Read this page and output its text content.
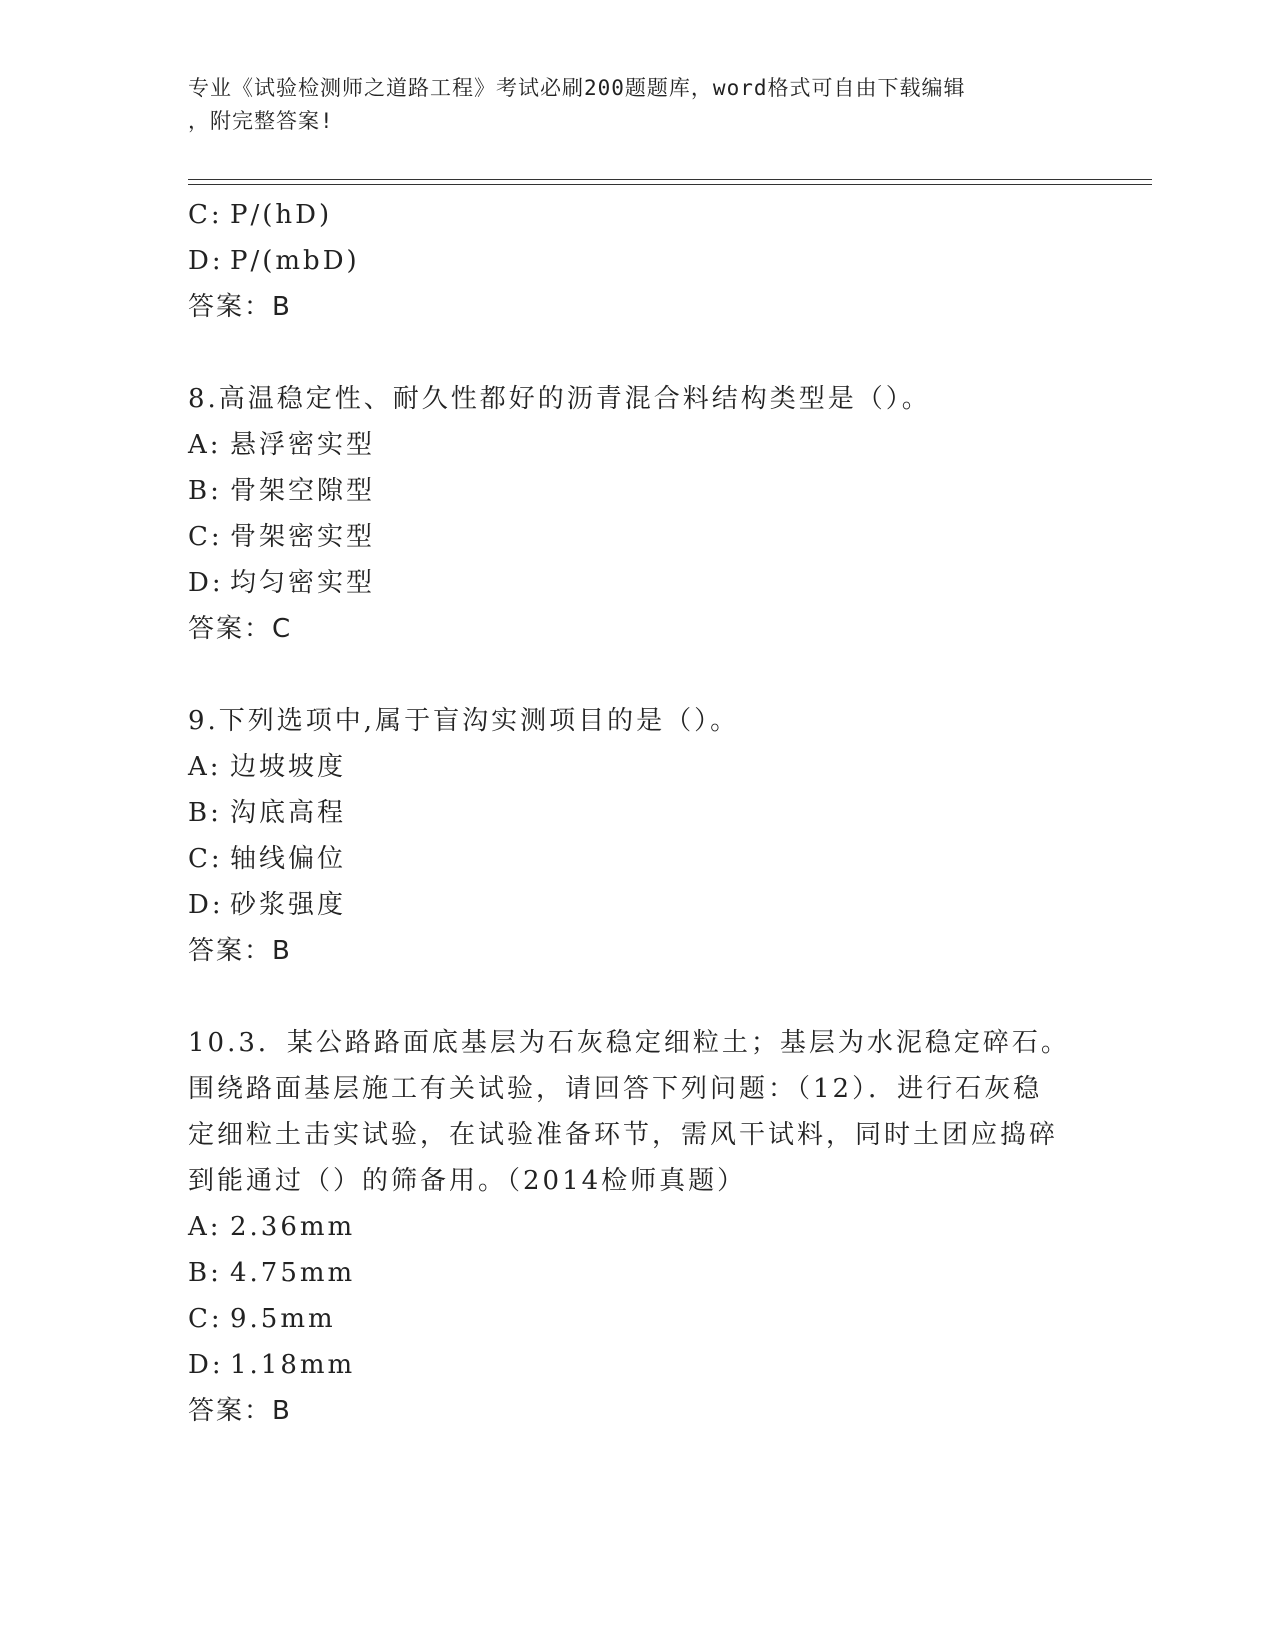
专业《试验检测师之道路工程》考试必刷200题题库，word格式可自由下载编辑
，附完整答案!
C: P/(hD)
D: P/(mbD)
答案：B
8.高温稳定性、耐久性都好的沥青混合料结构类型是（）。
A: 悬浮密实型
B: 骨架空隙型
C: 骨架密实型
D: 均匀密实型
答案：C
9.下列选项中,属于盲沟实测项目的是（）。
A: 边坡坡度
B: 沟底高程
C: 轴线偏位
D: 砂浆强度
答案：B
10.3．某公路路面底基层为石灰稳定细粒土；基层为水泥稳定碎石。
围绕路面基层施工有关试验，请回答下列问题：（12）．进行石灰稳
定细粒土击实试验，在试验准备环节，需风干试料，同时土团应捣碎
到能通过（）的筛备用。（2014检师真题）
A: 2.36mm
B: 4.75mm
C: 9.5mm
D: 1.18mm
答案：B
